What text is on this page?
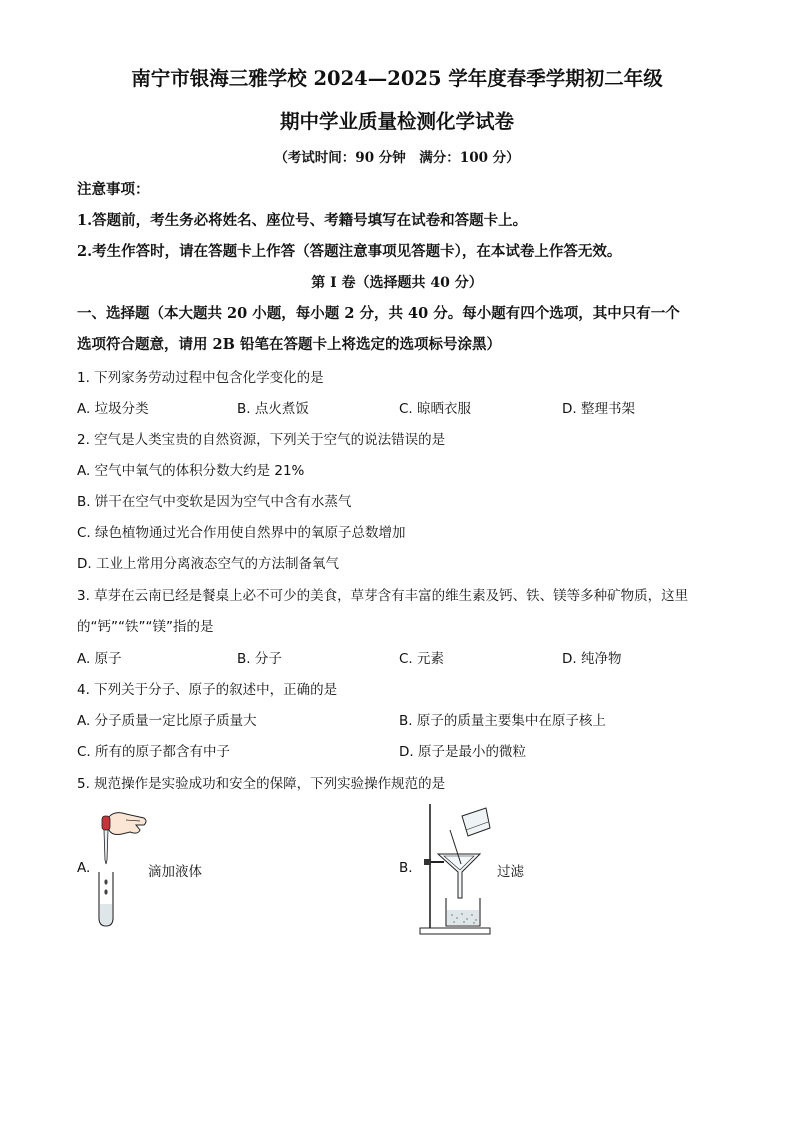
南宁市银海三雅学校 2024—2025 学年度春季学期初二年级
期中学业质量检测化学试卷
（考试时间：90 分钟　满分：100 分）
注意事项：
1.答题前，考生务必将姓名、座位号、考籍号填写在试卷和答题卡上。
2.考生作答时，请在答题卡上作答（答题注意事项见答题卡），在本试卷上作答无效。
第 I 卷（选择题共 40 分）
一、选择题（本大题共 20 小题，每小题 2 分，共 40 分。每小题有四个选项，其中只有一个
选项符合题意，请用 2B 铅笔在答题卡上将选定的选项标号涂黑）
1. 下列家务劳动过程中包含化学变化的是
A. 垃圾分类	B. 点火煮饭	C. 晾晒衣服	D. 整理书架
2. 空气是人类宝贵的自然资源，下列关于空气的说法错误的是
A. 空气中氧气的体积分数大约是 21%
B. 饼干在空气中变软是因为空气中含有水蒸气
C. 绿色植物通过光合作用使自然界中的氧原子总数增加
D. 工业上常用分离液态空气的方法制备氧气
3. 草芽在云南已经是餐桌上必不可少的美食，草芽含有丰富的维生素及钙、铁、镁等多种矿物质，这里
的“钙”“铁”“镁”指的是
A. 原子	B. 分子	C. 元素	D. 纯净物
4. 下列关于分子、原子的叙述中，正确的是
A. 分子质量一定比原子质量大	B. 原子的质量主要集中在原子核上
C. 所有的原子都含有中子	D. 原子是最小的微粒
5. 规范操作是实验成功和安全的保障，下列实验操作规范的是
A.	滴加液体	B.	过滤
